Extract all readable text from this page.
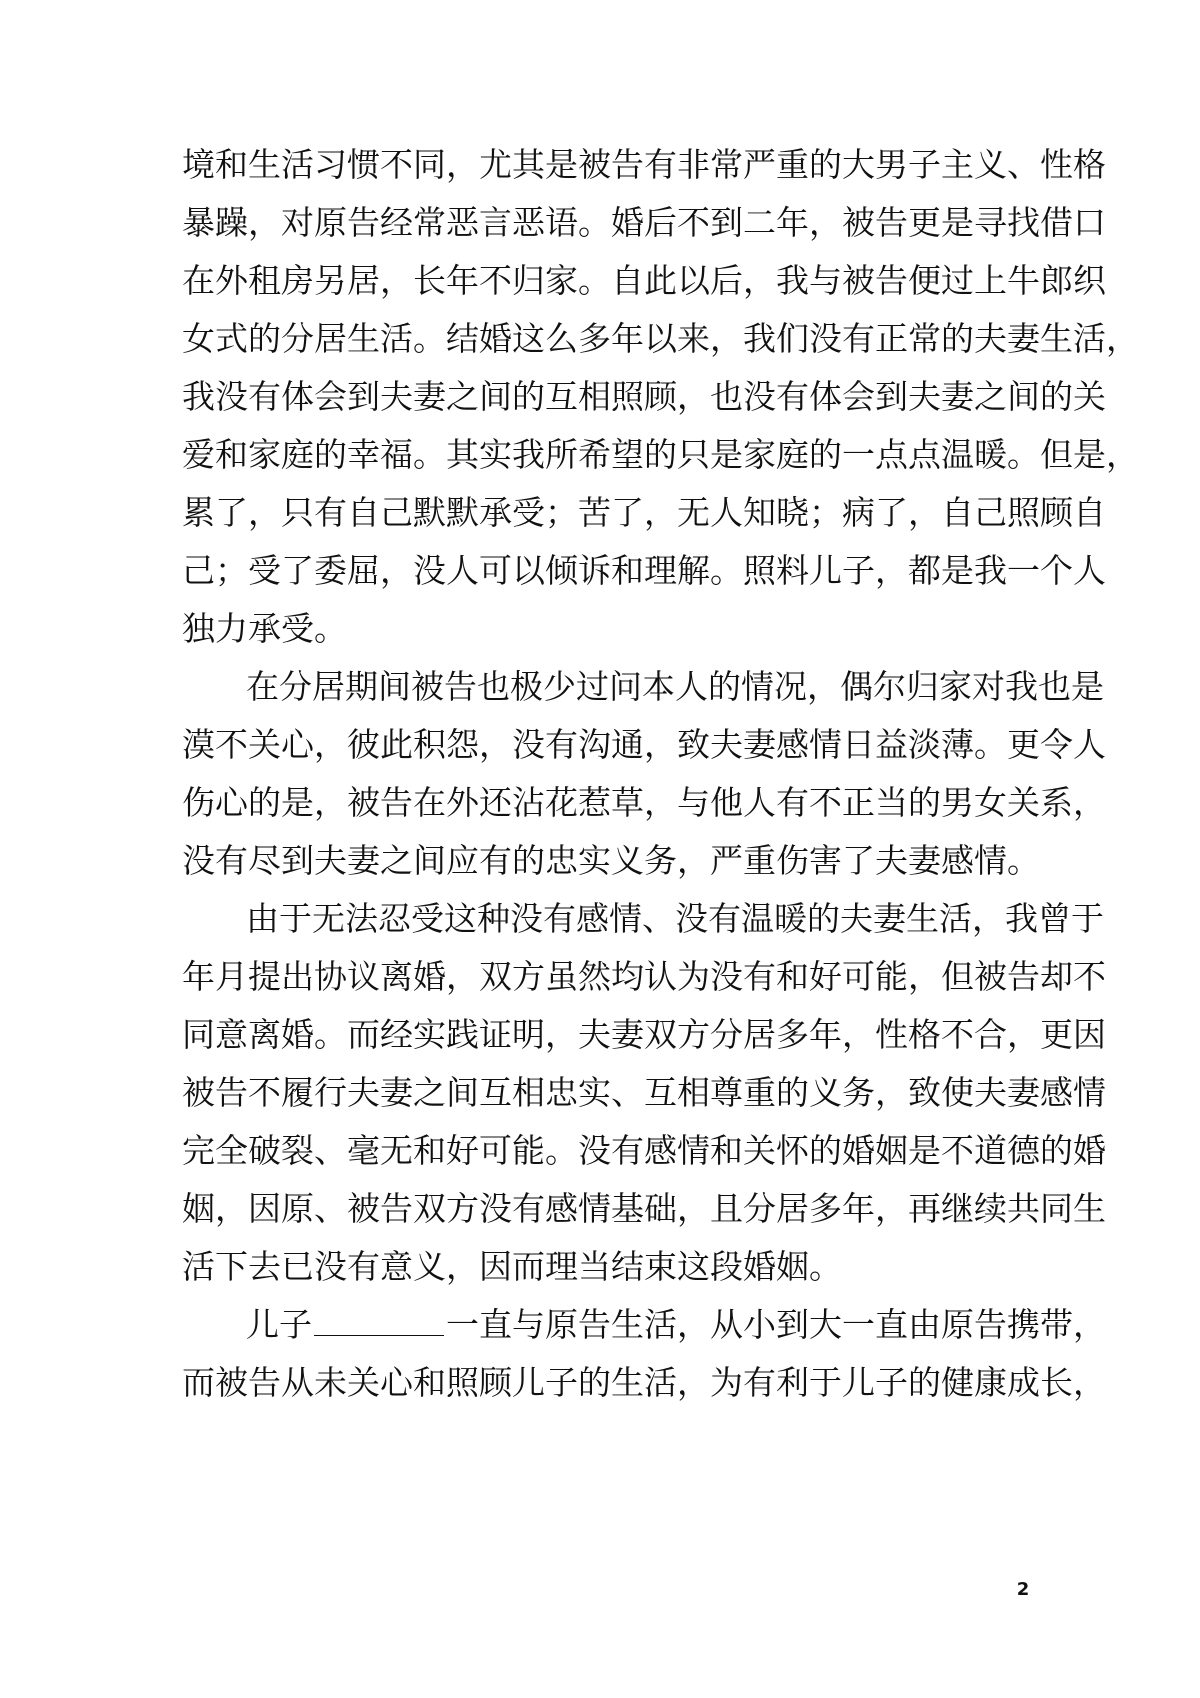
境和生活习惯不同，尤其是被告有非常严重的大男子主义、性格
暴躁，对原告经常恶言恶语。婚后不到二年，被告更是寻找借口
在外租房另居，长年不归家。自此以后，我与被告便过上牛郎织
女式的分居生活。结婚这么多年以来，我们没有正常的夫妻生活，
我没有体会到夫妻之间的互相照顾，也没有体会到夫妻之间的关
爱和家庭的幸福。其实我所希望的只是家庭的一点点温暖。但是，
累了，只有自己默默承受；苦了，无人知晓；病了，自己照顾自
己；受了委屈，没人可以倾诉和理解。照料儿子，都是我一个人
独力承受。
在分居期间被告也极少过问本人的情况，偶尔归家对我也是
漠不关心，彼此积怨，没有沟通，致夫妻感情日益淡薄。更令人
伤心的是，被告在外还沾花惹草，与他人有不正当的男女关系，
没有尽到夫妻之间应有的忠实义务，严重伤害了夫妻感情。
由于无法忍受这种没有感情、没有温暖的夫妻生活，我曾于
年月提出协议离婚，双方虽然均认为没有和好可能，但被告却不
同意离婚。而经实践证明，夫妻双方分居多年，性格不合，更因
被告不履行夫妻之间互相忠实、互相尊重的义务，致使夫妻感情
完全破裂、毫无和好可能。没有感情和关怀的婚姻是不道德的婚
姻，因原、被告双方没有感情基础，且分居多年，再继续共同生
活下去已没有意义，因而理当结束这段婚姻。
儿子	一直与原告生活，从小到大一直由原告携带，
而被告从未关心和照顾儿子的生活，为有利于儿子的健康成长，
2
